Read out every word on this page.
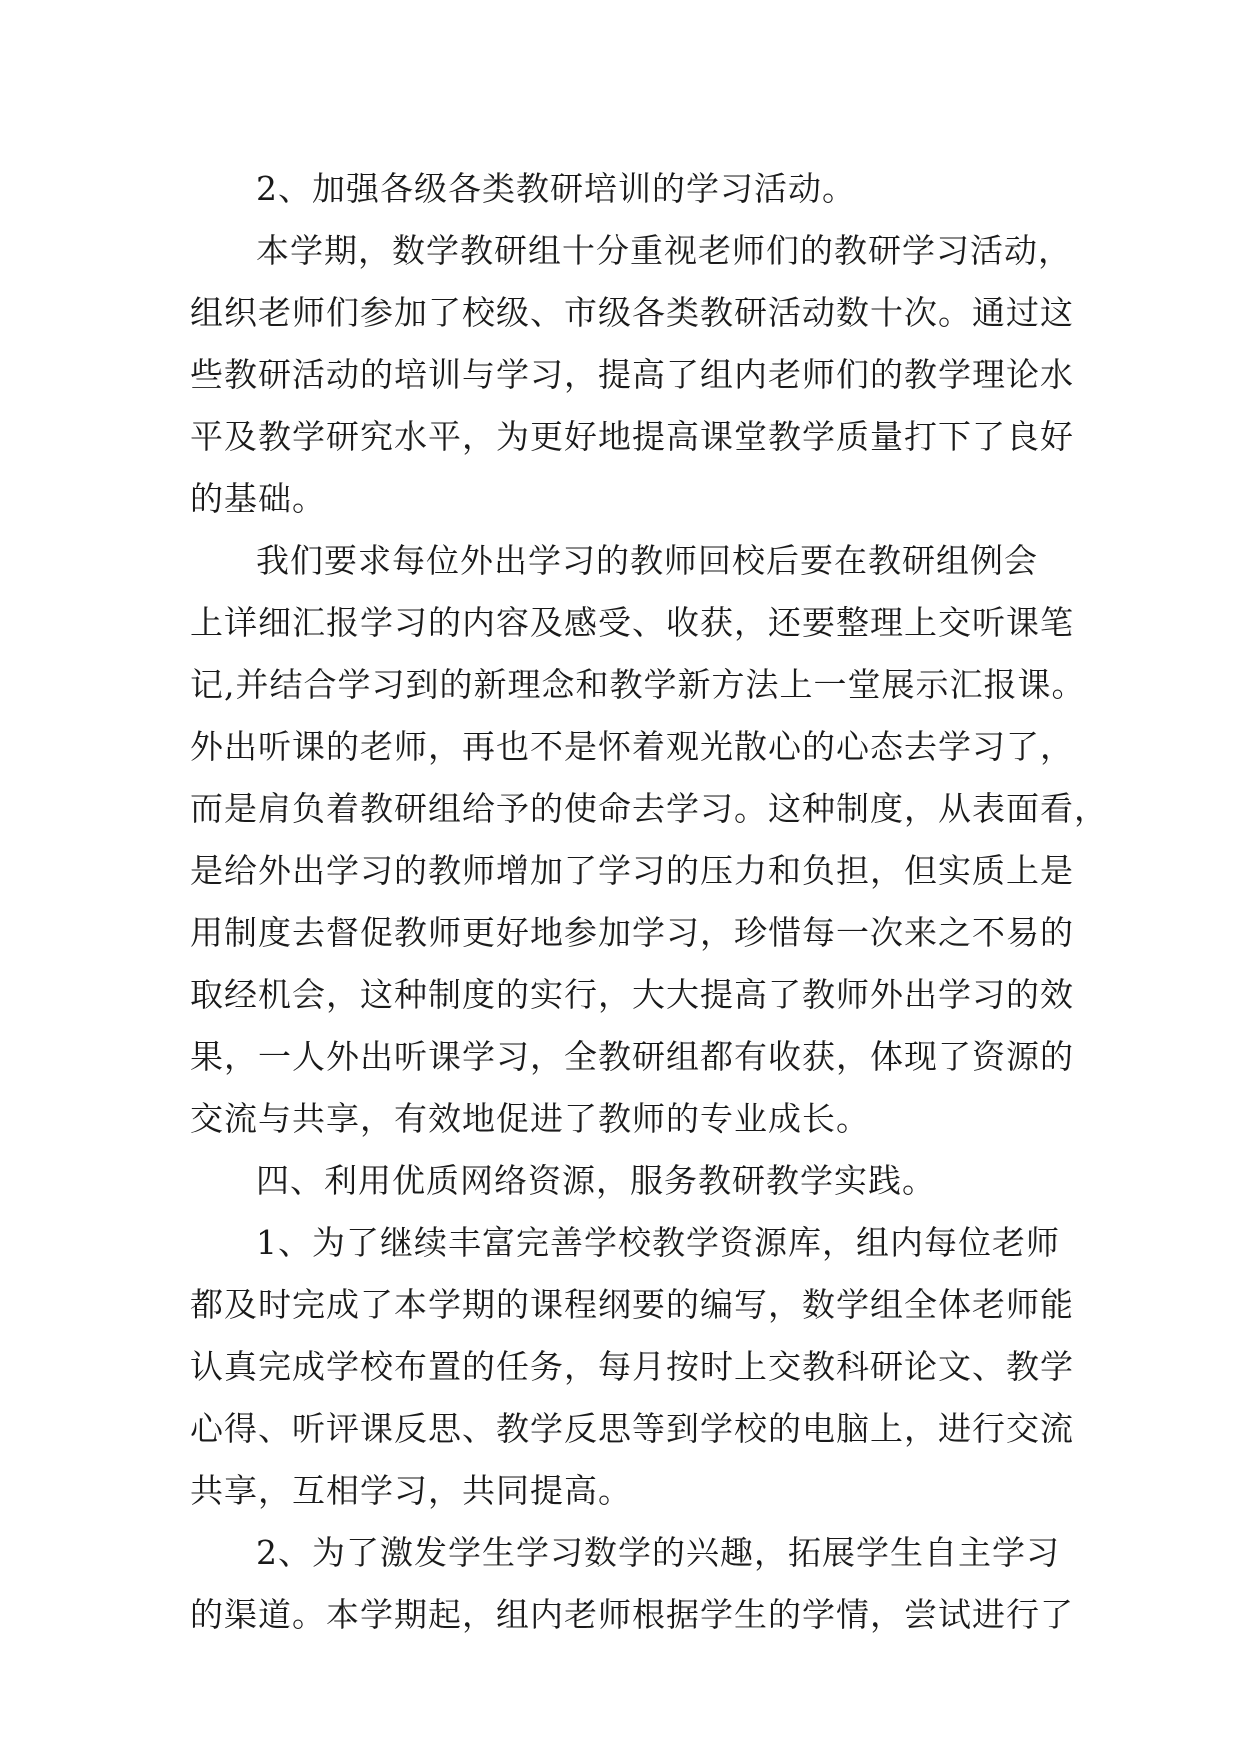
2、加强各级各类教研培训的学习活动。
本学期，数学教研组十分重视老师们的教研学习活动，
组织老师们参加了校级、市级各类教研活动数十次。通过这
些教研活动的培训与学习，提高了组内老师们的教学理论水
平及教学研究水平，为更好地提高课堂教学质量打下了良好
的基础。
我们要求每位外出学习的教师回校后要在教研组例会
上详细汇报学习的内容及感受、收获，还要整理上交听课笔
记,并结合学习到的新理念和教学新方法上一堂展示汇报课。
外出听课的老师，再也不是怀着观光散心的心态去学习了，
而是肩负着教研组给予的使命去学习。这种制度，从表面看，
是给外出学习的教师增加了学习的压力和负担，但实质上是
用制度去督促教师更好地参加学习，珍惜每一次来之不易的
取经机会，这种制度的实行，大大提高了教师外出学习的效
果，一人外出听课学习，全教研组都有收获，体现了资源的
交流与共享，有效地促进了教师的专业成长。
四、利用优质网络资源，服务教研教学实践。
1、为了继续丰富完善学校教学资源库，组内每位老师
都及时完成了本学期的课程纲要的编写，数学组全体老师能
认真完成学校布置的任务，每月按时上交教科研论文、教学
心得、听评课反思、教学反思等到学校的电脑上，进行交流
共享，互相学习，共同提高。
2、为了激发学生学习数学的兴趣，拓展学生自主学习
的渠道。本学期起，组内老师根据学生的学情，尝试进行了
